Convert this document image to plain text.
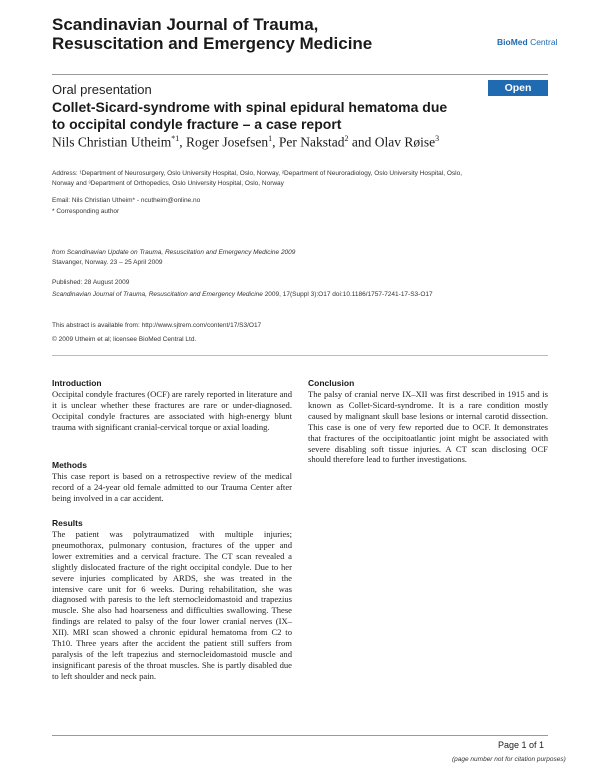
Scandinavian Journal of Trauma,
Resuscitation and Emergency Medicine	BioMed Central
Oral presentation	Open Access
Collet-Sicard-syndrome with spinal epidural hematoma due
to occipital condyle fracture – a case report
Nils Christian Utheim$^{*1}$, Roger Josefsen$^1$, Per Nakstad$^2$ and Olav Røise$^3$
Address: ¹Department of Neurosurgery, Oslo University Hospital, Oslo, Norway, ²Department of Neuroradiology, Oslo University Hospital, Oslo,
Norway and ³Department of Orthopedics, Oslo University Hospital, Oslo, Norway
Email: Nils Christian Utheim* - ncutheim@online.no
* Corresponding author
from Scandinavian Update on Trauma, Resuscitation and Emergency Medicine 2009
Stavanger, Norway. 23 – 25 April 2009
Published: 28 August 2009
Scandinavian Journal of Trauma, Resuscitation and Emergency Medicine 2009, 17(Suppl 3):O17 doi:10.1186/1757-7241-17-S3-O17
This abstract is available from: http://www.sjtrem.com/content/17/S3/O17
© 2009 Utheim et al; licensee BioMed Central Ltd.
Introduction
Occipital condyle fractures (OCF) are rarely reported in literature and it is unclear whether these fractures are rare or under-diagnosed. Occipital condyle fractures are associated with high-energy blunt trauma with significant cranial-cervical torque or axial loading.
Methods
This case report is based on a retrospective review of the medical record of a 24-year old female admitted to our Trauma Center after being involved in a car accident.
Results
The patient was polytraumatized with multiple injuries; pneumothorax, pulmonary contusion, fractures of the upper and lower extremities and a cervical fracture. The CT scan revealed a slightly dislocated fracture of the right occipital condyle. Due to her severe injuries complicated by ARDS, she was treated in the intensive care unit for 6 weeks. During rehabilitation, she was diagnosed with paresis to the left sternocleidomastoid and trapezius muscle. She also had hoarseness and difficulties swallowing. These findings are related to palsy of the four lower cranial nerves (IX–XII). MRI scan showed a chronic epidural hematoma from C2 to Th10. Three years after the accident the patient still suffers from paralysis of the left trapezius and sternocleidomastoid muscle and insignificant paresis of the throat muscles. She is partly disabled due to left shoulder and neck pain.
Conclusion
The palsy of cranial nerve IX–XII was first described in 1915 and is known as Collet-Sicard-syndrome. It is a rare condition mostly caused by malignant skull base lesions or internal carotid dissection. This case is one of very few reported due to OCF. It demonstrates that fractures of the occipitoatlantic joint might be associated with severe disabling soft tissue injuries. A CT scan disclosing OCF should therefore lead to further investigations.
Page 1 of 1
(page number not for citation purposes)
